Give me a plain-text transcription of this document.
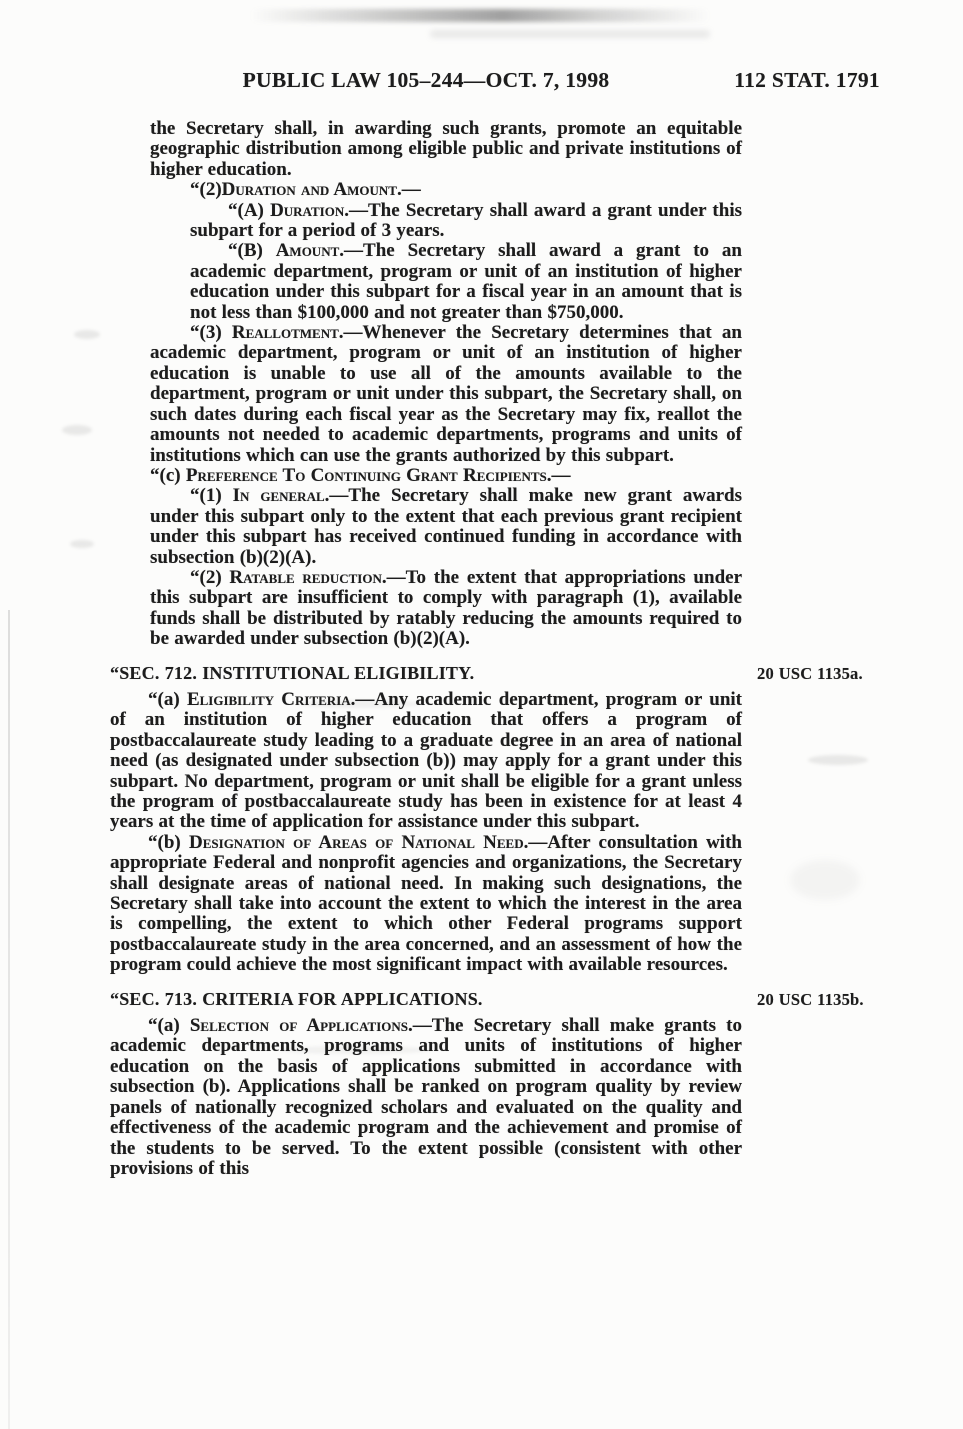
PUBLIC LAW 105–244—OCT. 7, 1998	112 STAT. 1791

the Secretary shall, in awarding such grants, promote an equitable geographic distribution among eligible public and private institutions of higher education.

“(2)Duration and Amount.—

“(A) Duration.—The Secretary shall award a grant under this subpart for a period of 3 years.

“(B) Amount.—The Secretary shall award a grant to an academic department, program or unit of an institution of higher education under this subpart for a fiscal year in an amount that is not less than $100,000 and not greater than $750,000.

“(3) Reallotment.—Whenever the Secretary determines that an academic department, program or unit of an institution of higher education is unable to use all of the amounts available to the department, program or unit under this subpart, the Secretary shall, on such dates during each fiscal year as the Secretary may fix, reallot the amounts not needed to academic departments, programs and units of institutions which can use the grants authorized by this subpart.

“(c) Preference To Continuing Grant Recipients.—

“(1) In general.—The Secretary shall make new grant awards under this subpart only to the extent that each previous grant recipient under this subpart has received continued funding in accordance with subsection (b)(2)(A).

“(2) Ratable reduction.—To the extent that appropriations under this subpart are insufficient to comply with paragraph (1), available funds shall be distributed by ratably reducing the amounts required to be awarded under subsection (b)(2)(A).

“SEC. 712. INSTITUTIONAL ELIGIBILITY.	20 USC 1135a.

“(a) Eligibility Criteria.—Any academic department, program or unit of an institution of higher education that offers a program of postbaccalaureate study leading to a graduate degree in an area of national need (as designated under subsection (b)) may apply for a grant under this subpart. No department, program or unit shall be eligible for a grant unless the program of postbaccalaureate study has been in existence for at least 4 years at the time of application for assistance under this subpart.

“(b) Designation of Areas of National Need.—After consultation with appropriate Federal and nonprofit agencies and organizations, the Secretary shall designate areas of national need. In making such designations, the Secretary shall take into account the extent to which the interest in the area is compelling, the extent to which other Federal programs support postbaccalaureate study in the area concerned, and an assessment of how the program could achieve the most significant impact with available resources.

“SEC. 713. CRITERIA FOR APPLICATIONS.	20 USC 1135b.

“(a) Selection of Applications.—The Secretary shall make grants to academic departments, programs and units of institutions of higher education on the basis of applications submitted in accordance with subsection (b). Applications shall be ranked on program quality by review panels of nationally recognized scholars and evaluated on the quality and effectiveness of the academic program and the achievement and promise of the students to be served. To the extent possible (consistent with other provisions of this
